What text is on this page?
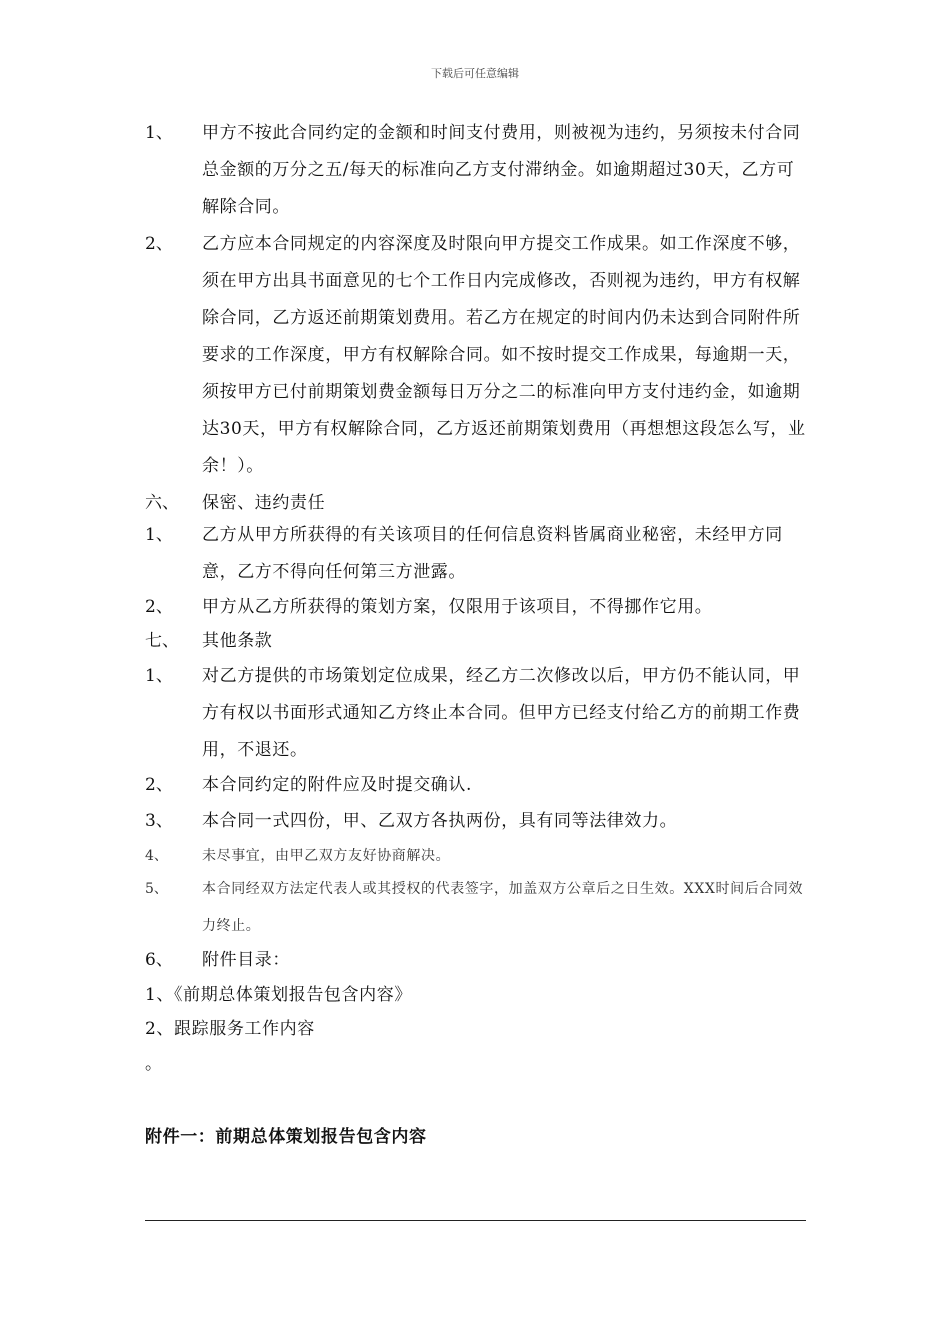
下载后可任意编辑
1、 甲方不按此合同约定的金额和时间支付费用，则被视为违约，另须按未付合同总金额的万分之五/每天的标准向乙方支付滞纳金。如逾期超过30天，乙方可解除合同。
2、 乙方应本合同规定的内容深度及时限向甲方提交工作成果。如工作深度不够，须在甲方出具书面意见的七个工作日内完成修改，否则视为违约，甲方有权解除合同，乙方返还前期策划费用。若乙方在规定的时间内仍未达到合同附件所要求的工作深度，甲方有权解除合同。如不按时提交工作成果，每逾期一天，须按甲方已付前期策划费金额每日万分之二的标准向甲方支付违约金，如逾期达30天，甲方有权解除合同，乙方返还前期策划费用（再想想这段怎么写，业余！）。
六、 保密、违约责任
1、 乙方从甲方所获得的有关该项目的任何信息资料皆属商业秘密，未经甲方同意，乙方不得向任何第三方泄露。
2、 甲方从乙方所获得的策划方案，仅限用于该项目，不得挪作它用。
七、 其他条款
1、 对乙方提供的市场策划定位成果，经乙方二次修改以后，甲方仍不能认同，甲方有权以书面形式通知乙方终止本合同。但甲方已经支付给乙方的前期工作费用，不退还。
2、 本合同约定的附件应及时提交确认.
3、 本合同一式四份，甲、乙双方各执两份，具有同等法律效力。
4、 未尽事宜，由甲乙双方友好协商解决。
5、 本合同经双方法定代表人或其授权的代表签字，加盖双方公章后之日生效。XXX时间后合同效力终止。
6、 附件目录：
1、《前期总体策划报告包含内容》
2、跟踪服务工作内容
。
附件一：前期总体策划报告包含内容
